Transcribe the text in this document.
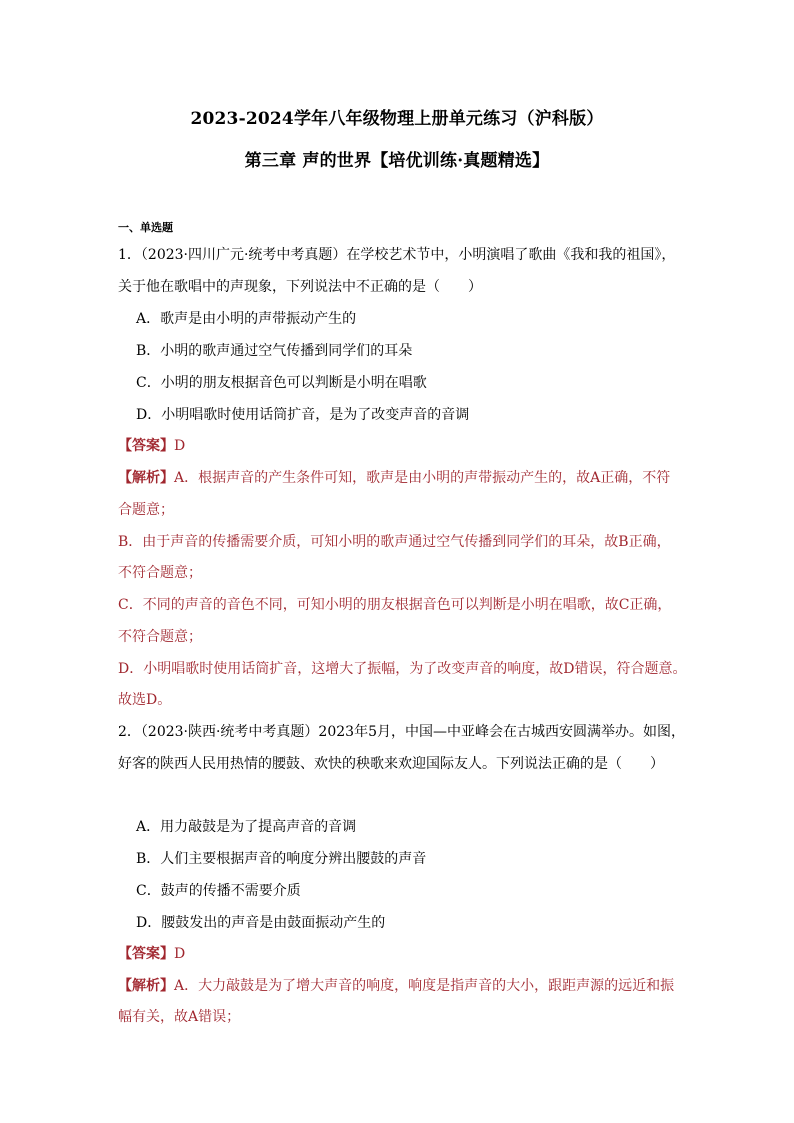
2023-2024学年八年级物理上册单元练习（沪科版）
第三章 声的世界【培优训练·真题精选】
一、单选题
1．（2023·四川广元·统考中考真题）在学校艺术节中，小明演唱了歌曲《我和我的祖国》，
关于他在歌唱中的声现象，下列说法中不正确的是（　　）
A．歌声是由小明的声带振动产生的
B．小明的歌声通过空气传播到同学们的耳朵
C．小明的朋友根据音色可以判断是小明在唱歌
D．小明唱歌时使用话筒扩音，是为了改变声音的音调
【答案】D
【解析】A．根据声音的产生条件可知，歌声是由小明的声带振动产生的，故A正确，不符
合题意；
B．由于声音的传播需要介质，可知小明的歌声通过空气传播到同学们的耳朵，故B正确，
不符合题意；
C．不同的声音的音色不同，可知小明的朋友根据音色可以判断是小明在唱歌，故C正确，
不符合题意；
D．小明唱歌时使用话筒扩音，这增大了振幅，为了改变声音的响度，故D错误，符合题意。
故选D。
2．（2023·陕西·统考中考真题）2023年5月，中国—中亚峰会在古城西安圆满举办。如图，
好客的陕西人民用热情的腰鼓、欢快的秧歌来欢迎国际友人。下列说法正确的是（　　）
A．用力敲鼓是为了提高声音的音调
B．人们主要根据声音的响度分辨出腰鼓的声音
C．鼓声的传播不需要介质
D．腰鼓发出的声音是由鼓面振动产生的
【答案】D
【解析】A．大力敲鼓是为了增大声音的响度，响度是指声音的大小，跟距声源的远近和振
幅有关，故A错误；
